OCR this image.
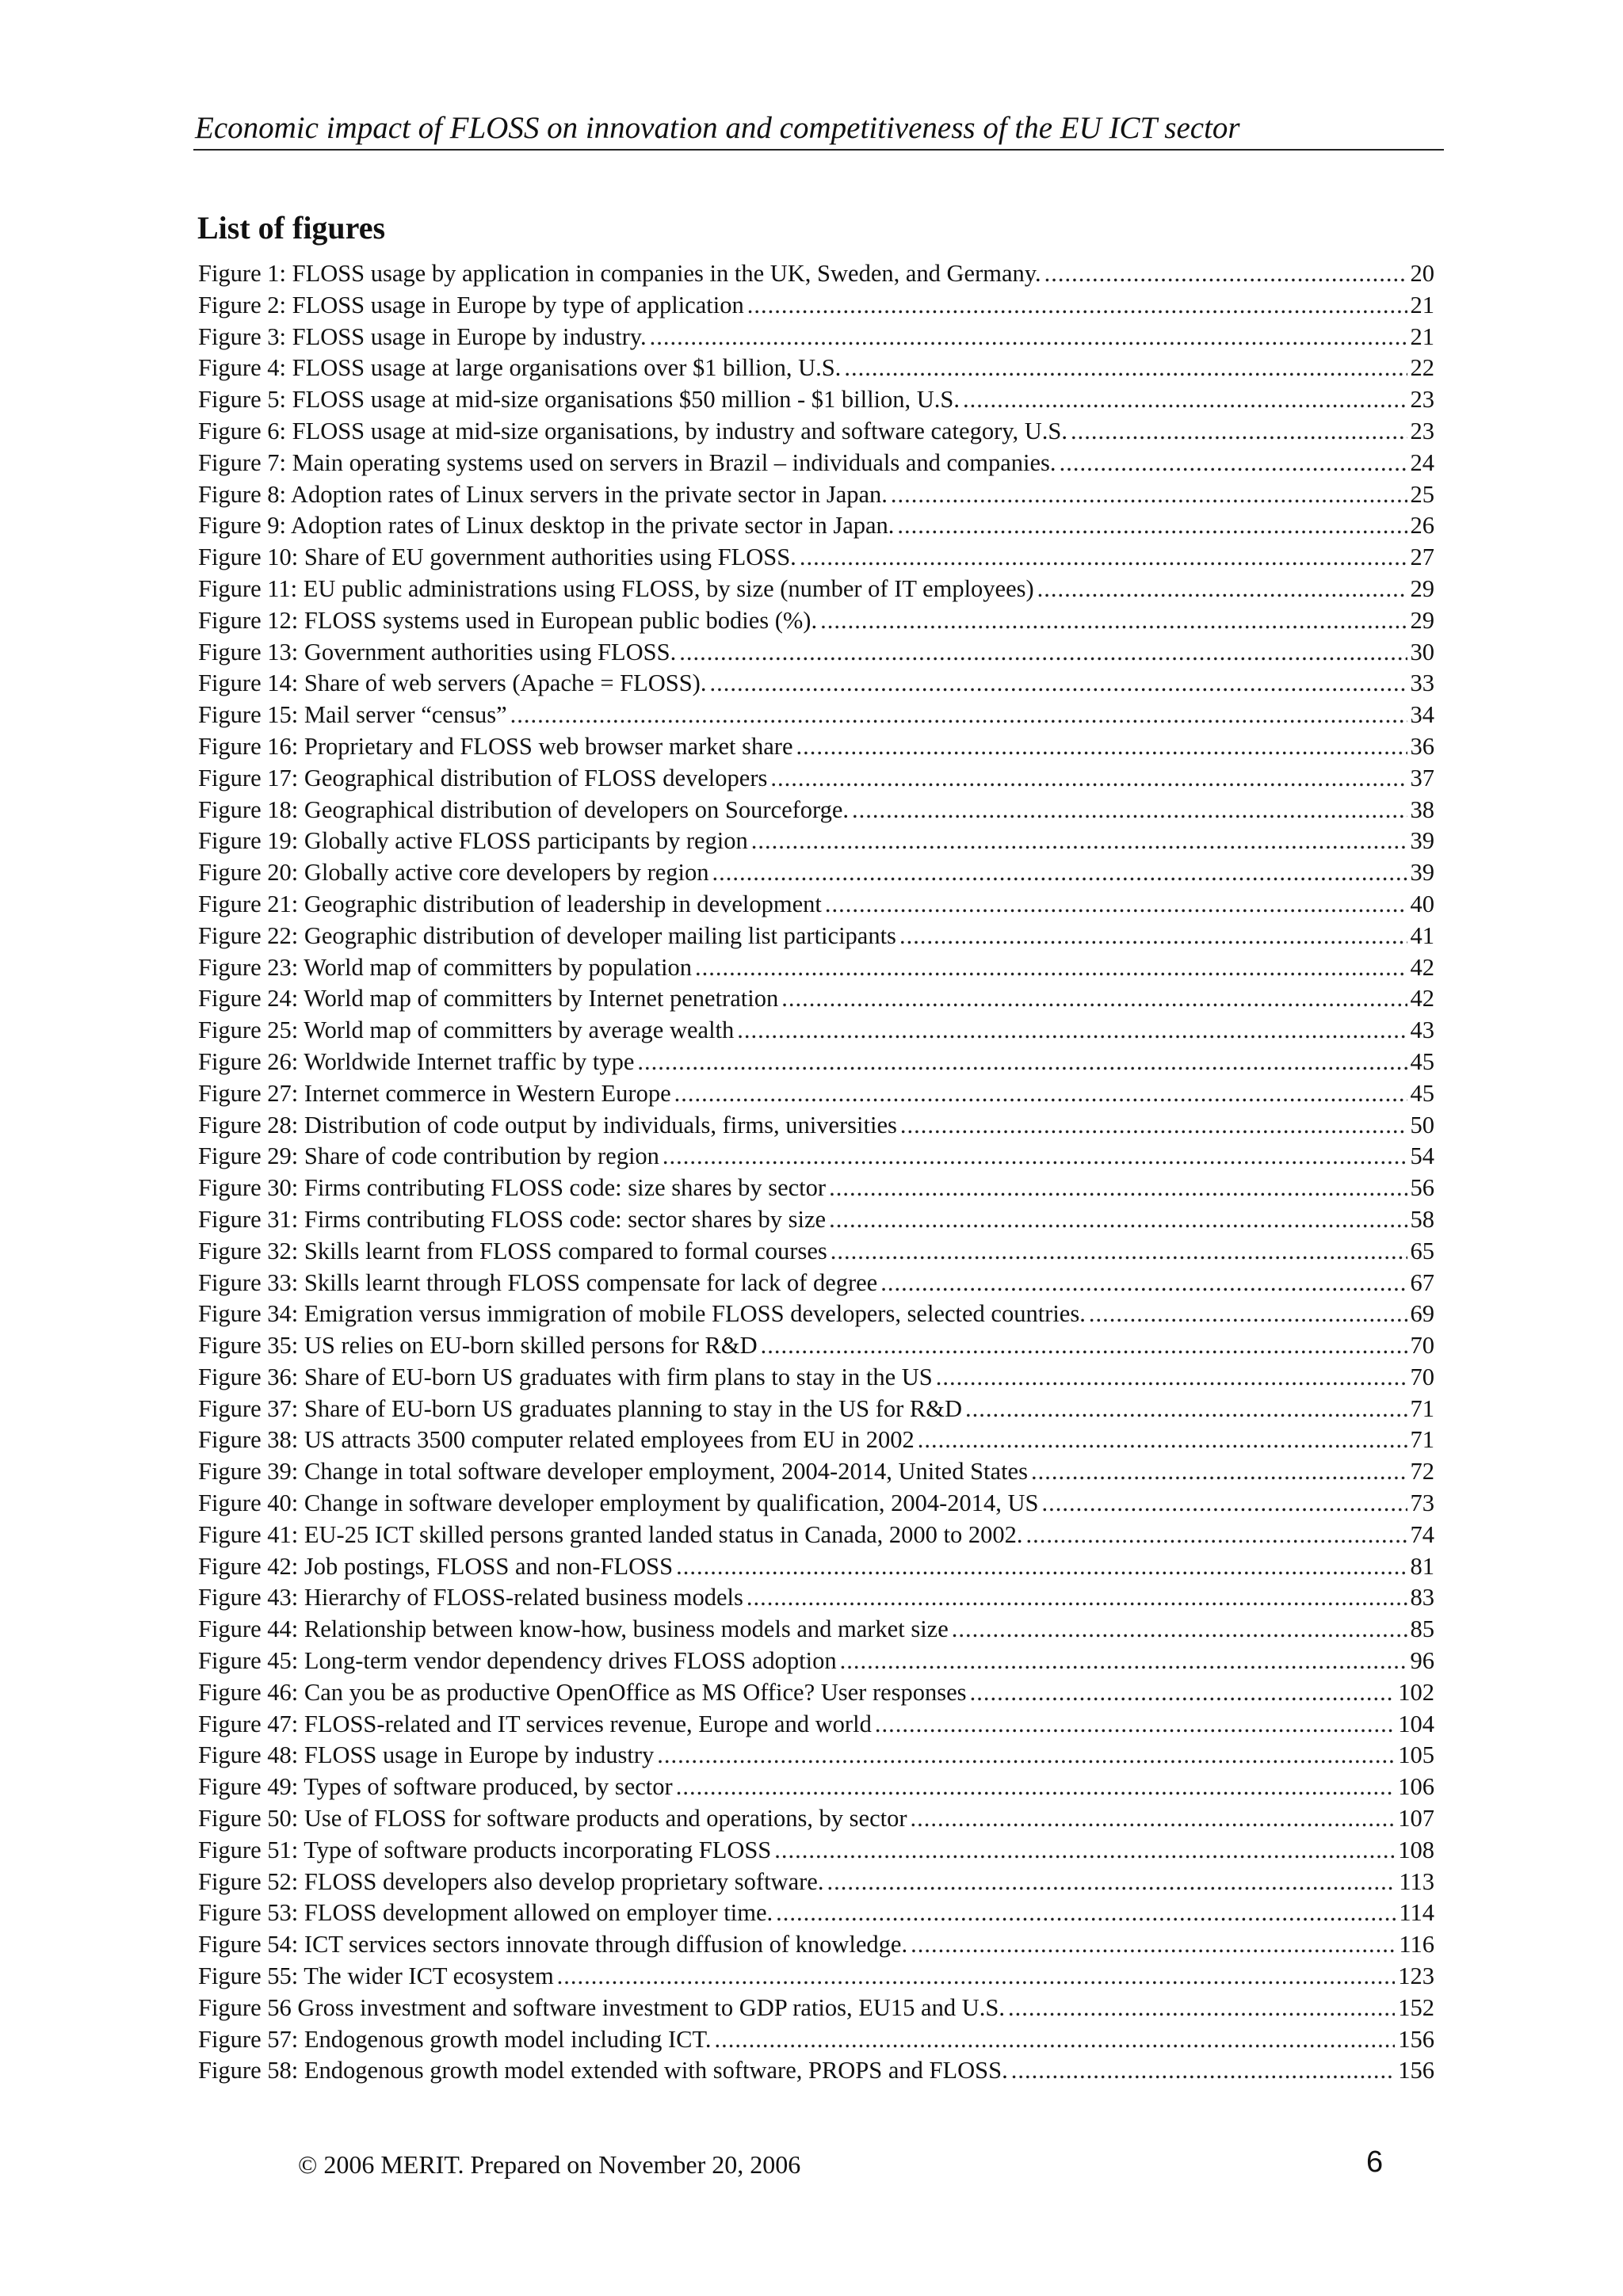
Economic impact of FLOSS on innovation and competitiveness of the EU ICT sector
List of figures
Figure 1: FLOSS usage by application in companies in the UK, Sweden, and Germany. .....	20
Figure 2: FLOSS usage in Europe by type of application .....	21
Figure 3: FLOSS usage in Europe by industry. .....	21
Figure 4: FLOSS usage at large organisations over $1 billion, U.S. .....	22
Figure 5: FLOSS usage at mid-size organisations $50 million - $1 billion, U.S. .....	23
Figure 6: FLOSS usage at mid-size organisations, by industry and software category, U.S. .....	23
Figure 7: Main operating systems used on servers in Brazil – individuals and companies. .....	24
Figure 8: Adoption rates of Linux servers in the private sector in Japan. .....	25
Figure 9: Adoption rates of Linux desktop in the private sector in Japan. .....	26
Figure 10: Share of EU government authorities using FLOSS. .....	27
Figure 11: EU public administrations using FLOSS, by size (number of IT employees) .....	29
Figure 12: FLOSS systems used in European public bodies (%). .....	29
Figure 13: Government authorities using FLOSS. .....	30
Figure 14: Share of web servers (Apache = FLOSS). .....	33
Figure 15: Mail server “census” .....	34
Figure 16: Proprietary and FLOSS web browser market share .....	36
Figure 17: Geographical distribution of FLOSS developers .....	37
Figure 18: Geographical distribution of developers on Sourceforge. .....	38
Figure 19: Globally active FLOSS participants by region .....	39
Figure 20: Globally active core developers by region .....	39
Figure 21: Geographic distribution of leadership in development .....	40
Figure 22: Geographic distribution of developer mailing list participants .....	41
Figure 23: World map of committers by population .....	42
Figure 24: World map of committers by Internet penetration .....	42
Figure 25: World map of committers by average wealth .....	43
Figure 26: Worldwide Internet traffic by type .....	45
Figure 27: Internet commerce in Western Europe .....	45
Figure 28: Distribution of code output by individuals, firms, universities .....	50
Figure 29: Share of code contribution by region .....	54
Figure 30: Firms contributing FLOSS code: size shares by sector .....	56
Figure 31: Firms contributing FLOSS code: sector shares by size .....	58
Figure 32: Skills learnt from FLOSS compared to formal courses .....	65
Figure 33: Skills learnt through FLOSS compensate for lack of degree .....	67
Figure 34: Emigration versus immigration of mobile FLOSS developers, selected countries. .....	69
Figure 35: US relies on EU-born skilled persons for R&D .....	70
Figure 36: Share of EU-born US graduates with firm plans to stay in the US .....	70
Figure 37: Share of EU-born US graduates planning to stay in the US for R&D .....	71
Figure 38: US attracts 3500 computer related employees from EU in 2002 .....	71
Figure 39: Change in total software developer employment, 2004-2014, United States .....	72
Figure 40: Change in software developer employment by qualification, 2004-2014, US .....	73
Figure 41: EU-25 ICT skilled persons granted landed status in Canada, 2000 to 2002. .....	74
Figure 42: Job postings, FLOSS and non-FLOSS .....	81
Figure 43: Hierarchy of FLOSS-related business models .....	83
Figure 44: Relationship between know-how, business models and market size .....	85
Figure 45: Long-term vendor dependency drives FLOSS adoption .....	96
Figure 46: Can you be as productive OpenOffice as MS Office? User responses .....	102
Figure 47: FLOSS-related and IT services revenue, Europe and world .....	104
Figure 48: FLOSS usage in Europe by industry .....	105
Figure 49: Types of software produced, by sector .....	106
Figure 50: Use of FLOSS for software products and operations, by sector .....	107
Figure 51: Type of software products incorporating FLOSS .....	108
Figure 52: FLOSS developers also develop proprietary software. .....	113
Figure 53: FLOSS development allowed on employer time. .....	114
Figure 54: ICT services sectors innovate through diffusion of knowledge. .....	116
Figure 55: The wider ICT ecosystem .....	123
Figure 56 Gross investment and software investment to GDP ratios, EU15 and U.S. .....	152
Figure 57: Endogenous growth model including ICT. .....	156
Figure 58: Endogenous growth model extended with software, PROPS and FLOSS. .....	156
© 2006 MERIT. Prepared on November 20, 2006	6
